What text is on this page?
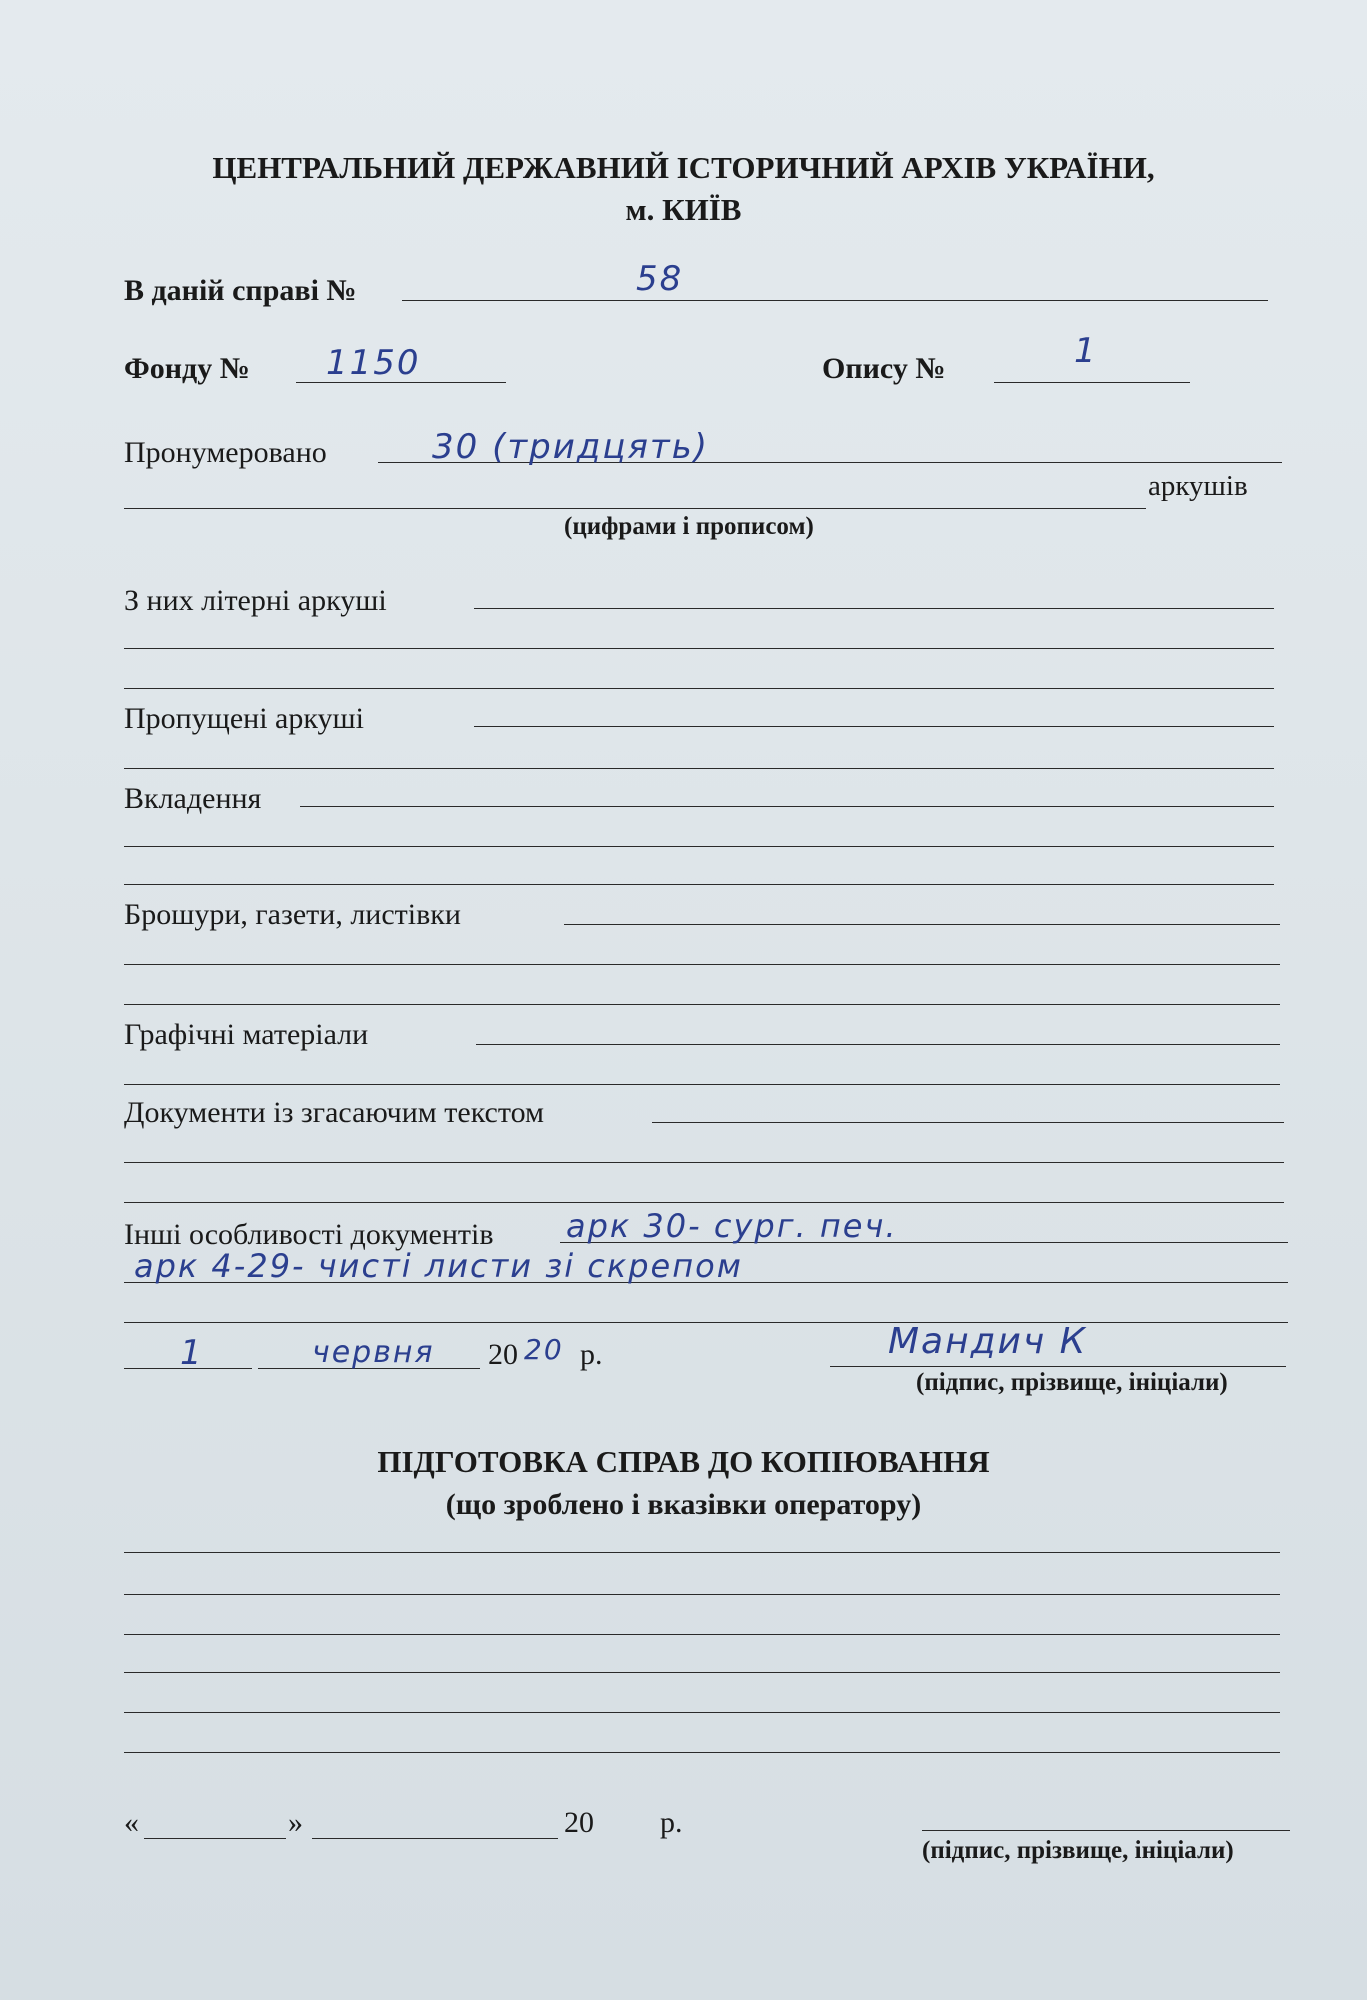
ЦЕНТРАЛЬНИЙ ДЕРЖАВНИЙ ІСТОРИЧНИЙ АРХІВ УКРАЇНИ,
м. КИЇВ
В даній справі №	58
Фонду № 1150	Опису №	1
Пронумеровано	30 (тридцять)
аркушів
(цифрами і прописом)
З них літерні аркуші
Пропущені аркуші
Вкладення
Брошури, газети, листівки
Графічні матеріали
Документи із згасаючим текстом
Інші особливості документів арк 30- сург. печ.
арк 4-29- чисті листи зі скрепом
1	червня 20 20 р.	Мандич К
(підпис, прізвище, ініціали)
ПІДГОТОВКА СПРАВ ДО КОПІЮВАННЯ
(що зроблено і вказівки оператору)
«	»	20 р.
(підпис, прізвище, ініціали)
